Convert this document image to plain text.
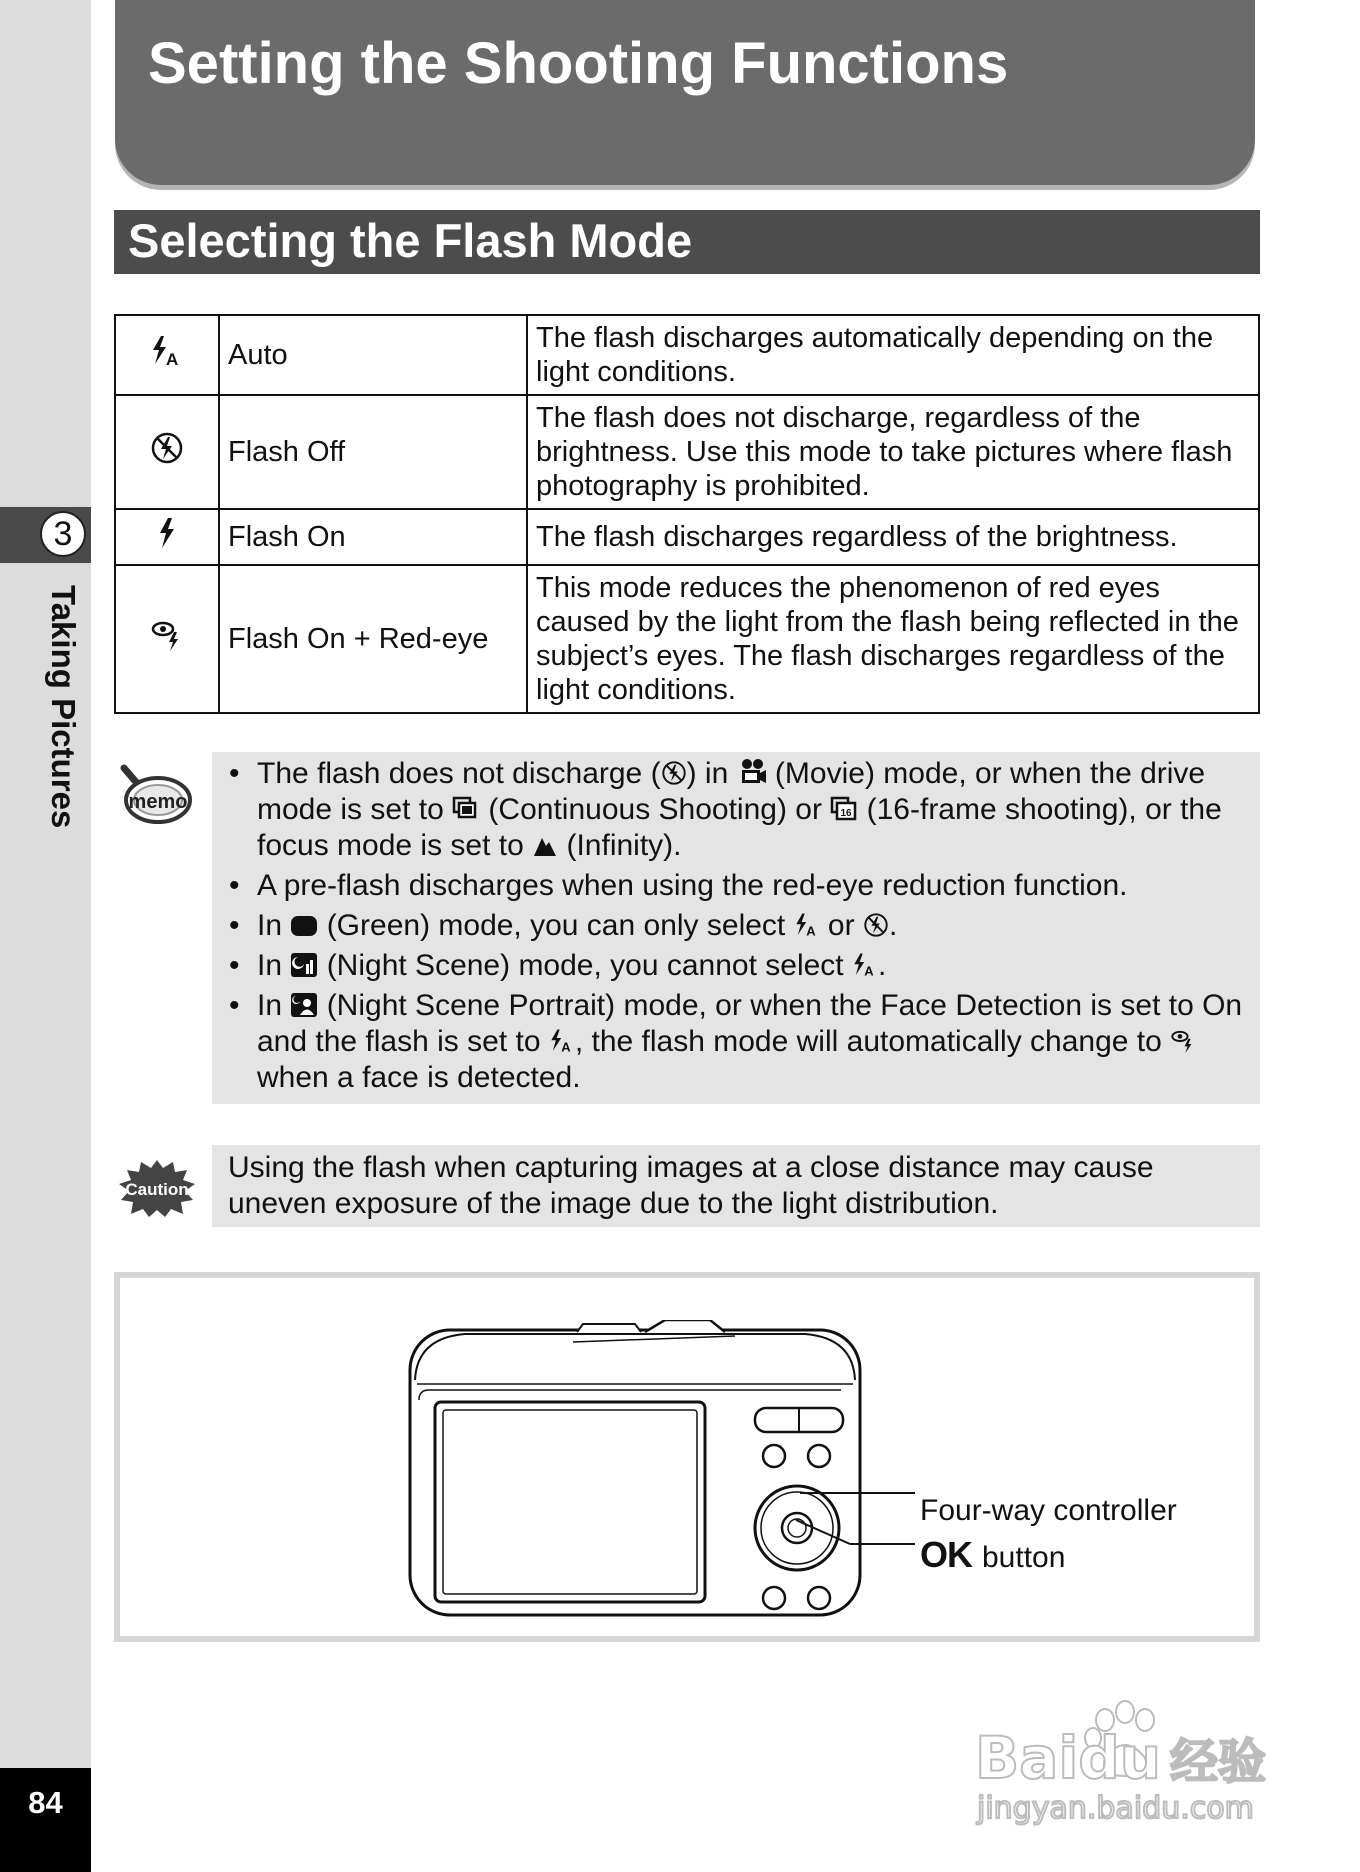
3
Taking Pictures
84
Setting the Shooting Functions
Selecting the Flash Mode
A	Auto	The flash discharges automatically depending on the light conditions.
	Flash Off	The flash does not discharge, regardless of the brightness. Use this mode to take pictures where flash photography is prohibited.
	Flash On	The flash discharges regardless of the brightness.
	Flash On + Red-eye	This mode reduces the phenomenon of red eyes caused by the light from the flash being reflected in the subject’s eyes. The flash discharges regardless of the light conditions.
memo
• The flash does not discharge ( ) in  (Movie) mode, or when the drive mode is set to  (Continuous Shooting) or 16 (16-frame shooting), or the focus mode is set to  (Infinity).
• A pre-flash discharges when using the red-eye reduction function.
• In  (Green) mode, you can only select A or .
• In  (Night Scene) mode, you cannot select A .
• In  (Night Scene Portrait) mode, or when the Face Detection is set to On and the flash is set to A , the flash mode will automatically change to  when a face is detected.
Caution
Using the flash when capturing images at a close distance may cause uneven exposure of the image due to the light distribution.
Four-way controller
OK button
Baidu 经验
jingyan.baidu.com
